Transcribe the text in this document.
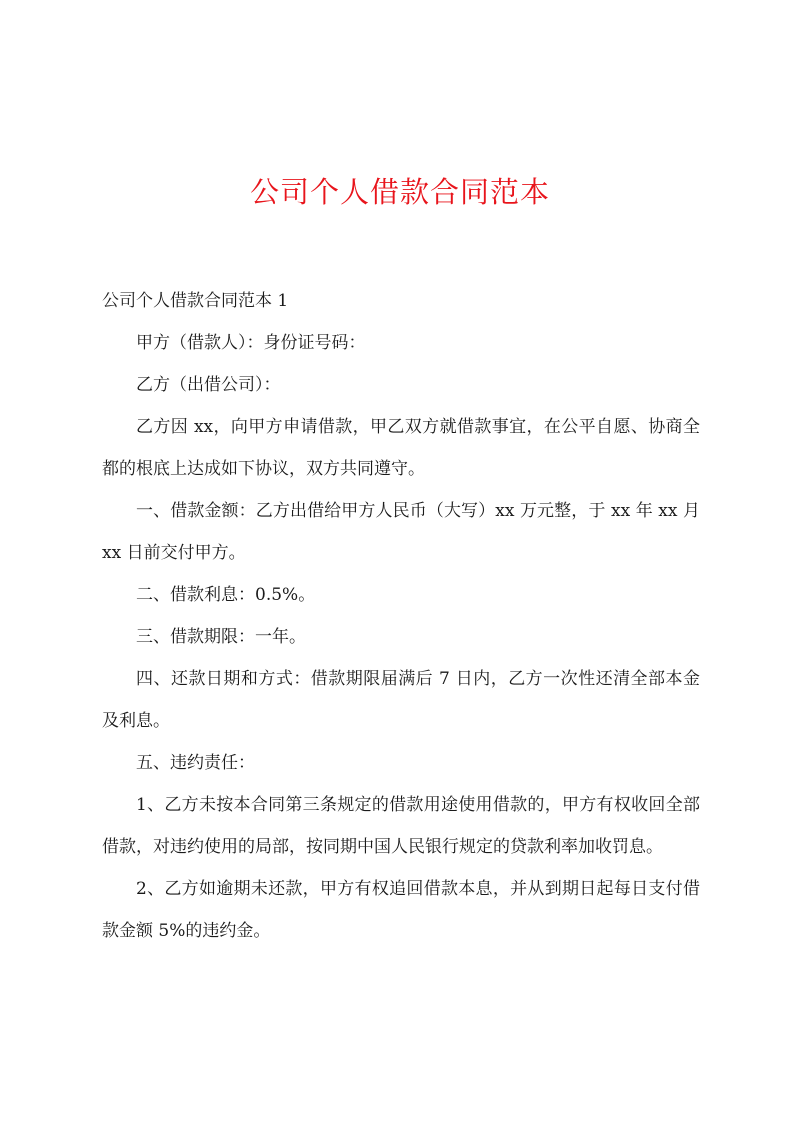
公司个人借款合同范本

公司个人借款合同范本 1

甲方（借款人）：身份证号码：

乙方（出借公司）：

乙方因 xx，向甲方申请借款，甲乙双方就借款事宜，在公平自愿、协商全都的根底上达成如下协议，双方共同遵守。

一、借款金额：乙方出借给甲方人民币（大写）xx 万元整，于 xx 年 xx 月 xx 日前交付甲方。

二、借款利息：0.5%。

三、借款期限：一年。

四、还款日期和方式：借款期限届满后 7 日内，乙方一次性还清全部本金及利息。

五、违约责任：

1、乙方未按本合同第三条规定的借款用途使用借款的，甲方有权收回全部借款，对违约使用的局部，按同期中国人民银行规定的贷款利率加收罚息。

2、乙方如逾期未还款，甲方有权追回借款本息，并从到期日起每日支付借款金额 5%的违约金。
